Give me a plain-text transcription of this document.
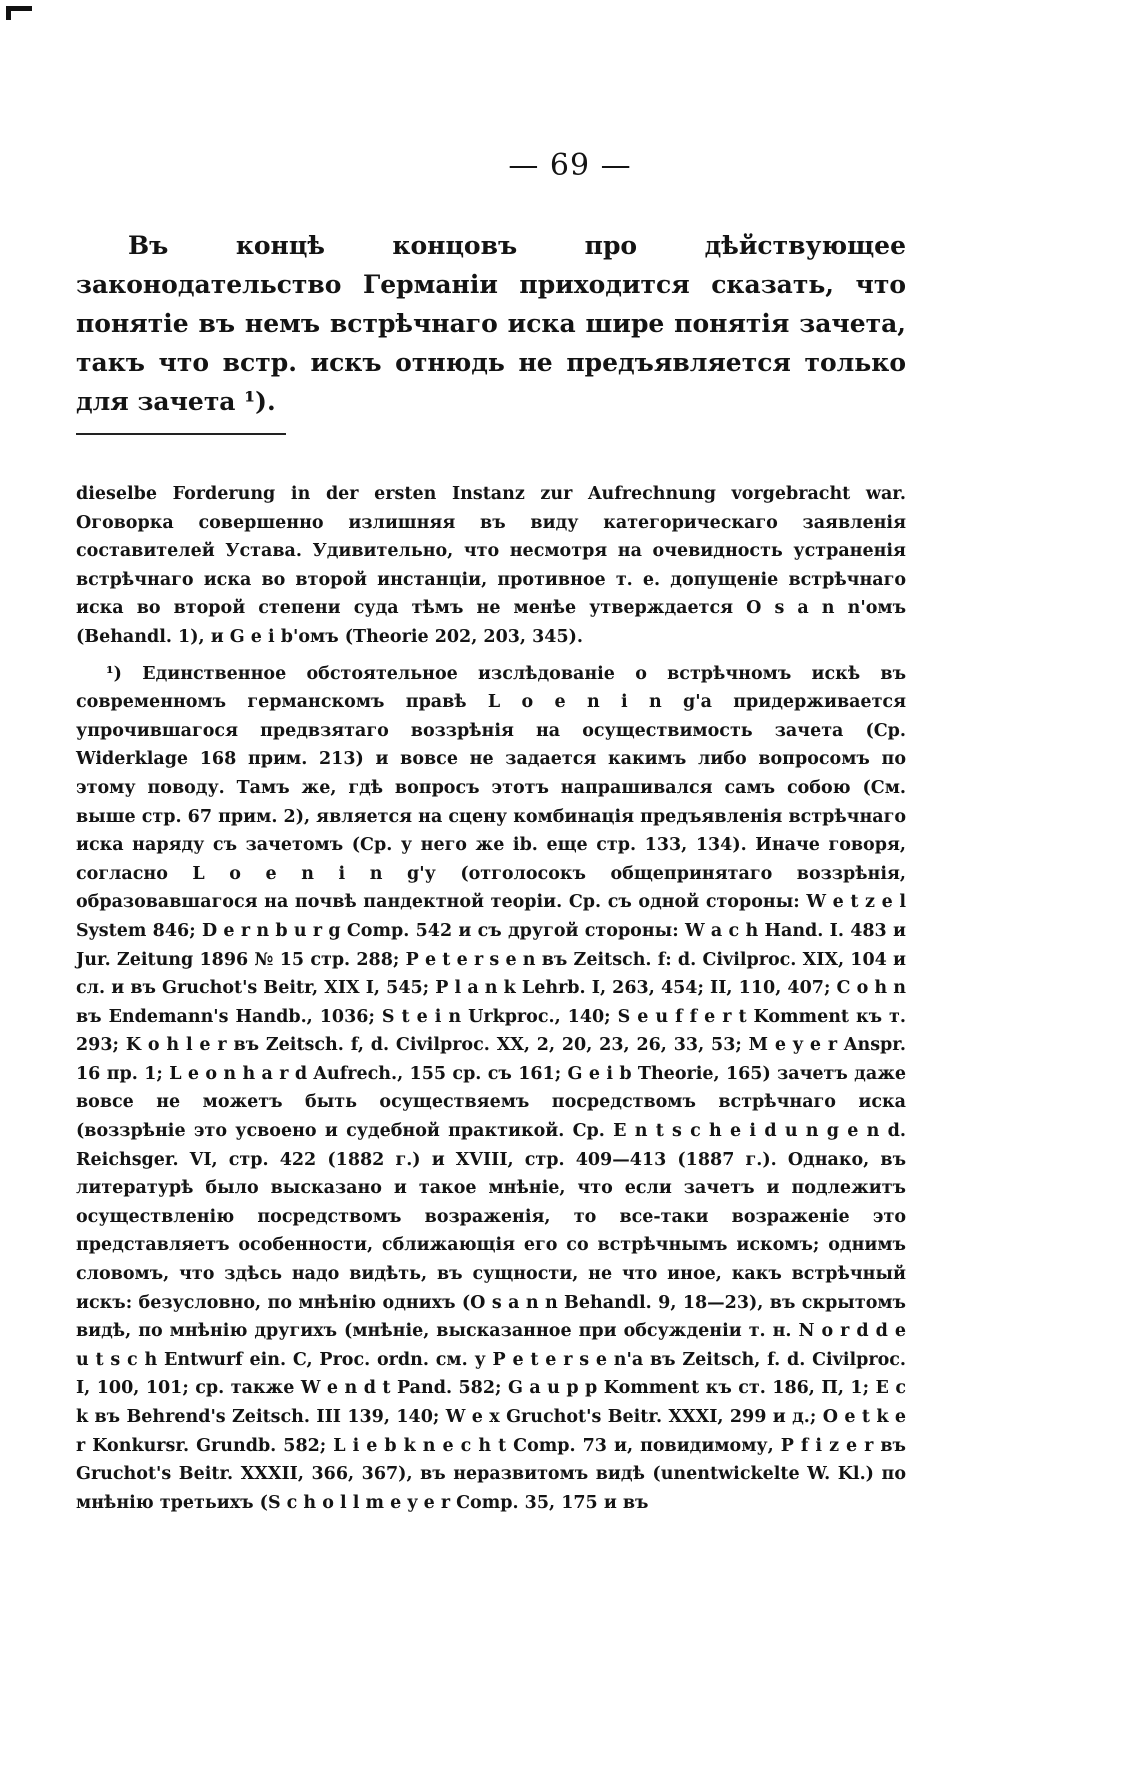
— 69 —

Въ концѣ концовъ про дѣйствующее законодательство Германіи приходится сказать, что понятіе въ немъ встрѣчнаго иска шире понятія зачета, такъ что встр. искъ отнюдь не предъявляется только для зачета ¹).

dieselbe Forderung in der ersten Instanz zur Aufrechnung vorgebracht war. Оговорка совершенно излишняя въ виду категорическаго заявленія составителей Устава. Удивительно, что несмотря на очевидность устраненія встрѣчнаго иска во второй инстанціи, противное т. е. допущеніе встрѣчнаго иска во второй степени суда тѣмъ не менѣе утверждается О s a n n'омъ (Behandl. 1), и G e i b'омъ (Theorie 202, 203, 345).

¹) Единственное обстоятельное изслѣдованіе о встрѣчномъ искѣ въ современномъ германскомъ правѣ L o e n i n g'а придерживается упрочившагося предвзятаго воззрѣнія на осуществимость зачета (Ср. Widerklage 168 прим. 213) и вовсе не задается какимъ либо вопросомъ по этому поводу. Тамъ же, гдѣ вопросъ этотъ напрашивался самъ собою (См. выше стр. 67 прим. 2), является на сцену комбинація предъявленія встрѣчнаго иска наряду съ зачетомъ (Ср. у него же ib. еще стр. 133, 134). Иначе говоря, согласно L o e n i n g'у (отголосокъ общепринятаго воззрѣнія, образовавшагося на почвѣ пандектной теоріи. Ср. съ одной стороны: W e t z e l System 846; D e r n b u r g Comp. 542 и съ другой стороны: W a c h Hand. I. 483 и Jur. Zeitung 1896 № 15 стр. 288; P e t e r s e n въ Zeitsch. f: d. Civilproc. XIX, 104 и сл. и въ Gruchot's Beitr, XIX I, 545; P l a n k Lehrb. I, 263, 454; II, 110, 407; C o h n въ Endemann's Handb., 1036; S t e i n Urkproc., 140; S e u f f e r t Komment къ т. 293; K o h l e r въ Zeitsch. f, d. Civilproc. XX, 2, 20, 23, 26, 33, 53; M e y e r Anspr. 16 пр. 1; L e o n h a r d Aufrech., 155 ср. съ 161; G e i b Theorie, 165) зачетъ даже вовсе не можетъ быть осуществяемъ посредствомъ встрѣчнаго иска (воззрѣніе это усвоено и судебной практикой. Ср. E n t s c h e i d u n g e n d. Reichsger. VI, стр. 422 (1882 г.) и XVIII, стр. 409—413 (1887 г.). Однако, въ литературѣ было высказано и такое мнѣніе, что если зачетъ и подлежитъ осуществленію посредствомъ возраженія, то все-таки возраженіе это представляетъ особенности, сближающія его со встрѣчнымъ искомъ; однимъ словомъ, что здѣсь надо видѣть, въ сущности, не что иное, какъ встрѣчный искъ: безусловно, по мнѣнію однихъ (O s a n n Behandl. 9, 18—23), въ скрытомъ видѣ, по мнѣнію другихъ (мнѣніе, высказанное при обсужденіи т. н. N o r d d e u t s c h Entwurf ein. C, Proc. ordn. см. у P e t e r s e n'а въ Zeitsch, f. d. Civilproc. I, 100, 101; ср. также W e n d t Pand. 582; G a u p p Komment къ ст. 186, П, 1; E c k въ Behrend's Zeitsch. III 139, 140; W e x Gruchot's Beitr. XXXI, 299 и д.; O e t k e r Konkursr. Grundb. 582; L i e b k n e c h t Comp. 73 и, повидимому, P f i z e r въ Gruchot's Beitr. XXXII, 366, 367), въ неразвитомъ видѣ (unentwickelte W. Kl.) по мнѣнію третьихъ (S c h o l l m e y e r Comp. 35, 175 и въ
